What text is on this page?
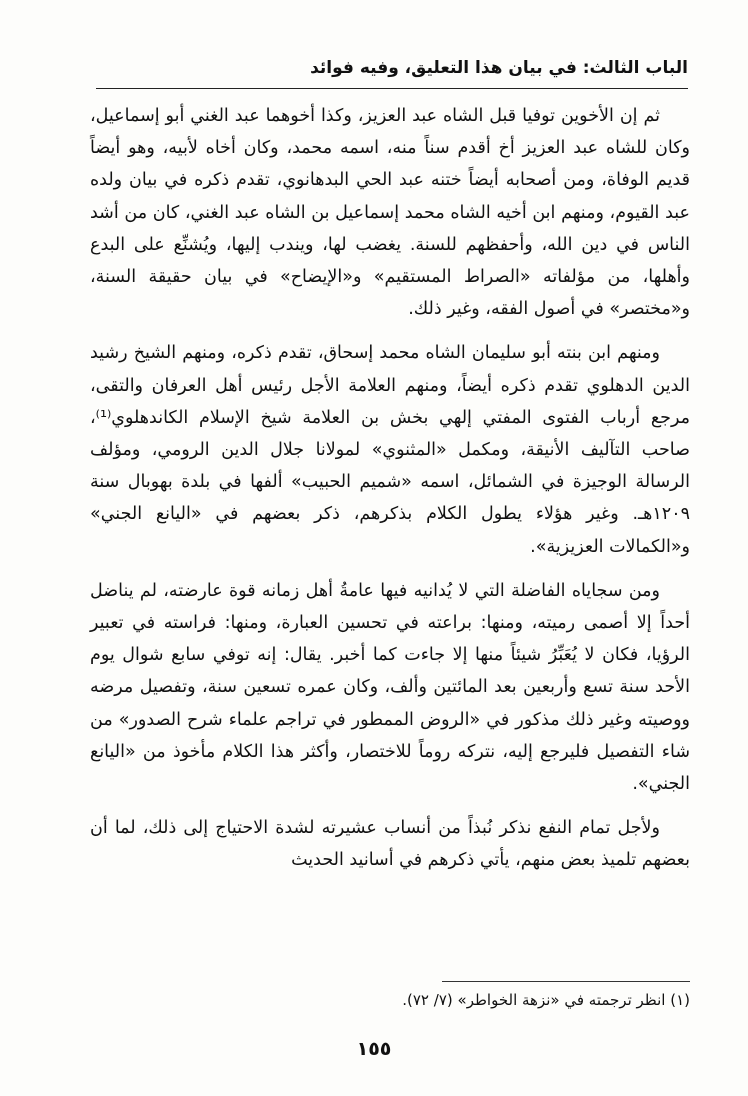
الباب الثالث: في بيان هذا التعليق، وفيه فوائد

ثم إن الأخوين توفيا قبل الشاه عبد العزيز، وكذا أخوهما عبد الغني أبو إسماعيل، وكان للشاه عبد العزيز أخ أقدم سناً منه، اسمه محمد، وكان أخاه لأبيه، وهو أيضاً قديم الوفاة، ومن أصحابه أيضاً ختنه عبد الحي البدهانوي، تقدم ذكره في بيان ولده عبد القيوم، ومنهم ابن أخيه الشاه محمد إسماعيل بن الشاه عبد الغني، كان من أشد الناس في دين الله، وأحفظهم للسنة. يغضب لها، ويندب إليها، ويُشنِّع على البدع وأهلها، من مؤلفاته «الصراط المستقيم» و«الإيضاح» في بيان حقيقة السنة، و«مختصر» في أصول الفقه، وغير ذلك.

ومنهم ابن بنته أبو سليمان الشاه محمد إسحاق، تقدم ذكره، ومنهم الشيخ رشيد الدين الدهلوي تقدم ذكره أيضاً، ومنهم العلامة الأجل رئيس أهل العرفان والتقى، مرجع أرباب الفتوى المفتي إلهي بخش بن العلامة شيخ الإسلام الكاندهلوي⁽¹⁾، صاحب التآليف الأنيقة، ومكمل «المثنوي» لمولانا جلال الدين الرومي، ومؤلف الرسالة الوجيزة في الشمائل، اسمه «شميم الحبيب» ألفها في بلدة بهوبال سنة ١٢٠٩هـ. وغير هؤلاء يطول الكلام بذكرهم، ذكر بعضهم في «اليانع الجني» و«الكمالات العزيزية».

ومن سجاياه الفاضلة التي لا يُدانيه فيها عامةُ أهل زمانه قوة عارضته، لم يناضل أحداً إلا أصمى رميته، ومنها: براعته في تحسين العبارة، ومنها: فراسته في تعبير الرؤيا، فكان لا يُعَبِّرُ شيئاً منها إلا جاءت كما أخبر. يقال: إنه توفي سابع شوال يوم الأحد سنة تسع وأربعين بعد المائتين وألف، وكان عمره تسعين سنة، وتفصيل مرضه ووصيته وغير ذلك مذكور في «الروض الممطور في تراجم علماء شرح الصدور» من شاء التفصيل فليرجع إليه، نتركه روماً للاختصار، وأكثر هذا الكلام مأخوذ من «اليانع الجني».

ولأجل تمام النفع نذكر نُبذاً من أنساب عشيرته لشدة الاحتياج إلى ذلك، لما أن بعضهم تلميذ بعض منهم، يأتي ذكرهم في أسانيد الحديث

(١) انظر ترجمته في «نزهة الخواطر» (٧/ ٧٢).
١٥٥
